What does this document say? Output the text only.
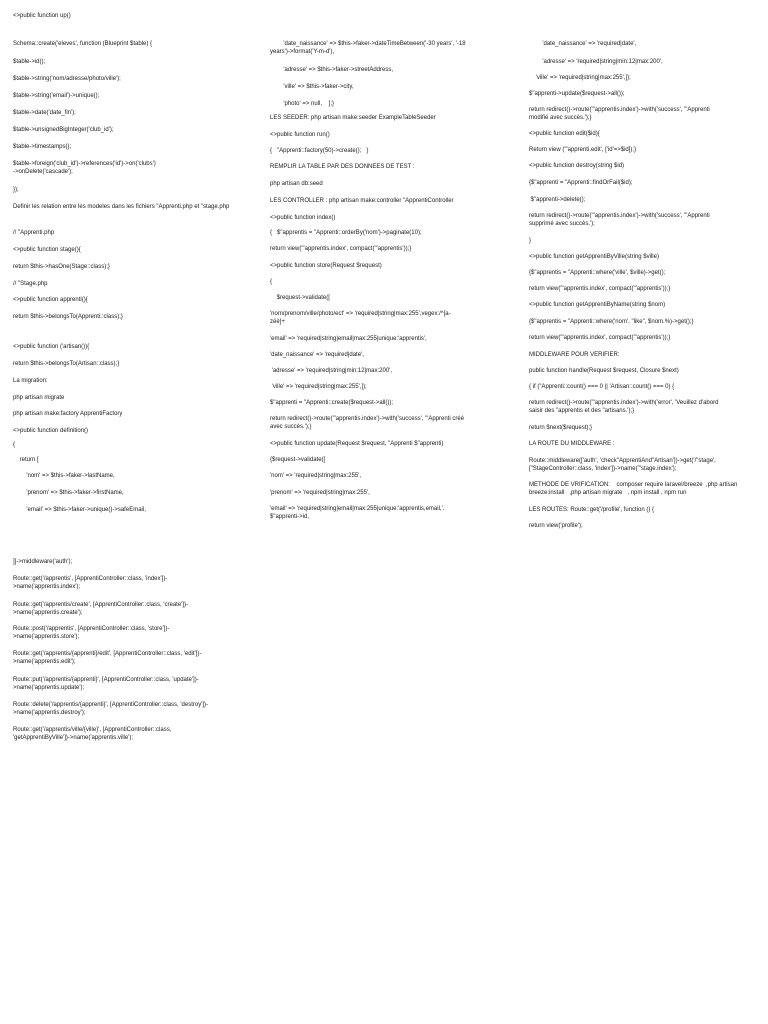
<>public function up()

Schema::create('eleves', function (Blueprint $table) {

$table->id();

$table->string('nom/adresse/photo/ville');

$table->string('email')->unique();

$table->date('date_fin');

$table->unsignedBigInteger('club_id');

$table->timestamps();

$table->foreign('club_id')->references('id')->on('clubs')
->onDelete('cascade');

});

Definir les relation entre les modeles dans les fichiers "Apprenti.php et "stage.php

// "Apprenti.php

<>public function stage(){

return $this->hasOne(Stage::class);}

// "Stage.php

<>public function apprenti(){

return $this->belongsTo(Apprenti::class);}

<>public function ('artisan()){

return $this->belongsTo(Artisan::class);}

La migration:

php artisan migrate

php artisan make:factory ApprentiFactory

<>public function definition()

{

return [

'nom' => $this->faker->lastName,

'prenom' => $this->faker->firstName,

'email' => $this->faker->unique()->safeEmail,

]]->middleware('auth');

Route::get('/apprentis', [ApprentiController::class, 'index'])-
>name('apprentis.index');

Route::get('/apprentis/create', [ApprentiController::class, 'create'])-
>name('apprentis.create');

Route::post('/apprentis', [ApprentiController::class, 'store'])-
>name('apprentis.store');

Route::get('/apprentis/{apprenti}/edit', [ApprentiController::class, 'edit'])-
>name('apprentis.edit');

Route::put('/apprentis/{apprenti}', [ApprentiController::class, 'update'])-
>name('apprentis.update');

Route::delete('/apprentis/{apprenti}', [ApprentiController::class, 'destroy'])-
>name('apprentis.destroy');

Route::get('/apprentis/ville/{ville}', [ApprentiController::class,
'getApprentiByVille'])->name('apprentis.ville');

'date_naissance' => $this->faker->dateTimeBetween('-30 years', '-18
years')->format('Y-m-d'),

'adresse' => $this->faker->streetAddress,

'ville' => $this->faker->city,

'photo' => null,    ];}

LES SEEDER: php artisan make:seeder ExampleTableSeeder

<>public function run()

{   "Apprenti::factory(50)->create();   }

REMPLIR LA TABLE PAR DES DONNEES DE TEST :

php artisan db:seed

LES CONTROLLER : php artisan make:controller "ApprentiController

<>public function index()

{   $"apprentis = "Apprenti::orderBy('nom')->paginate(10);

return view("'apprentis.index', compact("'apprentis'));}

<>public function store(Request $request)

{

$request->validate([

'nom/prenom/ville/photo/ect' => 'required|string|max:255',vegex:/^[a-
zéè]+

'email' => 'required|string|email|max:255|unique:'apprentis',

'date_naissance' => 'required|date',

'adresse' => 'required|string|min:12|max:200',

'ville' => 'required|string|max:255',]);

$"apprenti = "Apprenti::create($request->all());

return redirect()->route("'apprentis.index')->with('success', '"Apprenti créé
avec succès.');}

<>public function update(Request $request, "Apprenti $"apprenti)

{$request->validate([

'nom' => 'required|string|max:255',

'prenom' => 'required|string|max:255',

'email' => 'required|string|email|max:255|unique:'apprentis,email,'.
$"apprenti->id,

'date_naissance' => 'required|date',

'adresse' => 'required|string|min:12|max:200',

'ville' => 'required|string|max:255',]);

$"apprenti->update($request->all());

return redirect()->route("'apprentis.index')->with('success', '"Apprenti
modifié avec succès.');}

<>public function edit($id){

Return view ("'apprenti.edit', ['id'=>$id]);}

<>public function destroy(string $id)

{$"apprenti = "Apprenti::findOrFail($id);

$"apprenti->delete();

return redirect()->route("'apprentis.index')->with('success', '"Apprenti
supprimé avec succès.');

}

<>public function getApprentiByVille(string $ville)

{$"apprentis = "Apprenti::where('ville', $ville)->get();

return view("'apprentis.index', compact("'apprentis'));}

<>public function getApprentiByName(string $nom)

{$"apprentis = "Apprenti::where('nom', "like", $nom.%)->get();}

return view("'apprentis.index', compact("'apprentis'));}

MIDDLEWARE POUR VERIFIER:

public function handle(Request $request, Closure $next)

{ if ("Apprenti::count() === 0 || 'Artisan::count() === 0) {

return redirect()->route("'apprentis.index')->with('error', 'Veuillez d'abord
saisir des "apprentis et des "artisans.');}

return $next($request);}

LA ROUTE DU MIDDLEWARE :

Route::middleware(['auth', 'check"ApprentiAnd"Artisan'])->get('/"stage',
["StageController::class, 'index'])->name("'stage.index');

METHODE DE VRIFICATION:    composer require laravel/breeze  ,php artisan
breeze:install   ,php artisan migrate   , npm install , npm run

LES ROUTES: Route::get('/profile', function () {

return view('profile');
